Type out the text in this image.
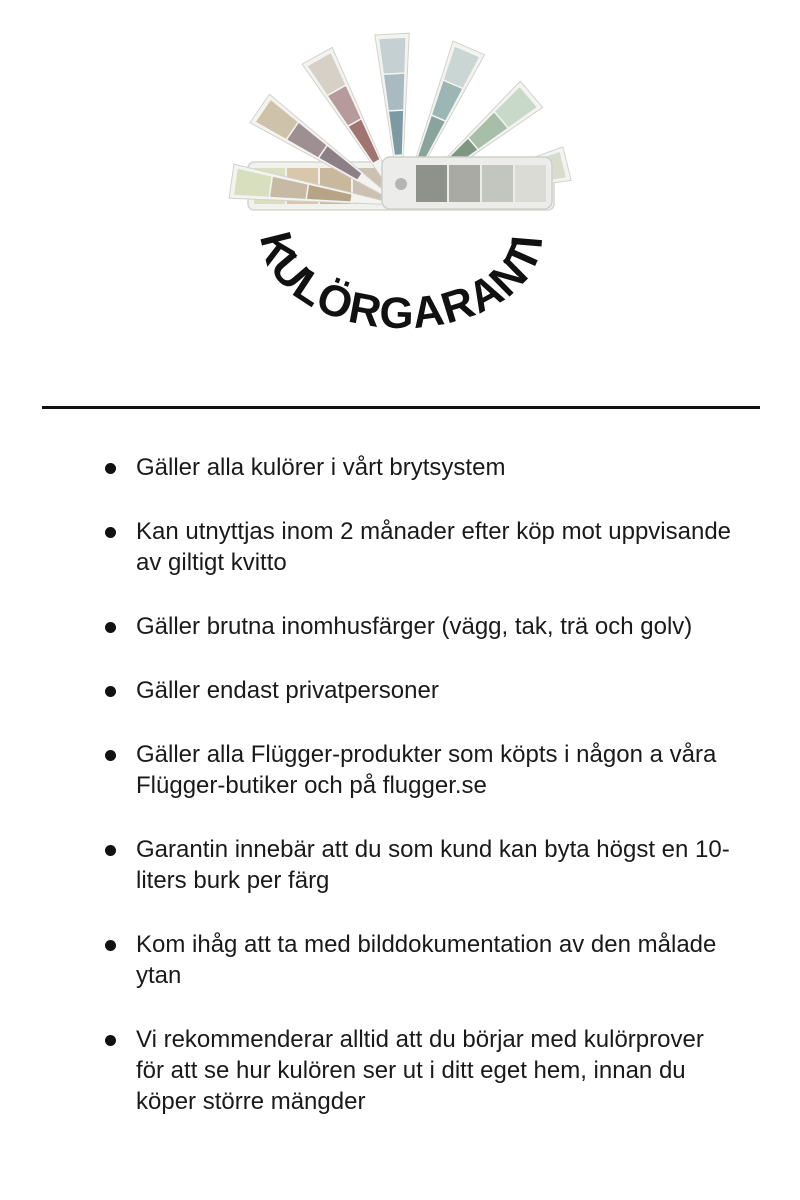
KULÖRGARANTI
Gäller alla kulörer i vårt brytsystem
Kan utnyttjas inom 2 månader efter köp mot uppvisande av giltigt kvitto
Gäller brutna inomhusfärger (vägg, tak, trä och golv)
Gäller endast privatpersoner
Gäller alla Flügger-produkter som köpts i någon a våra Flügger-butiker och på flugger.se
Garantin innebär att du som kund kan byta högst en 10-liters burk per färg
Kom ihåg att ta med bilddokumentation av den målade ytan
Vi rekommenderar alltid att du börjar med kulörprover för att se hur kulören ser ut i ditt eget hem, innan du köper större mängder
